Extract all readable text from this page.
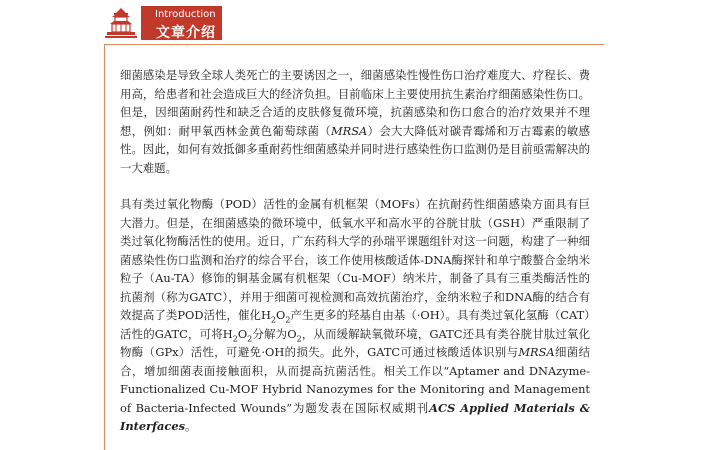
Introduction
文章介绍

细菌感染是导致全球人类死亡的主要诱因之一，细菌感染性慢性伤口治疗难度大、疗程长、费用高，给患者和社会造成巨大的经济负担。目前临床上主要使用抗生素治疗细菌感染性伤口。但是，因细菌耐药性和缺乏合适的皮肤修复微环境，抗菌感染和伤口愈合的治疗效果并不理想，例如：耐甲氧西林金黄色葡萄球菌（MRSA）会大大降低对碳青霉烯和万古霉素的敏感性。因此，如何有效抵御多重耐药性细菌感染并同时进行感染性伤口监测仍是目前亟需解决的一大难题。

具有类过氧化物酶（POD）活性的金属有机框架（MOFs）在抗耐药性细菌感染方面具有巨大潜力。但是，在细菌感染的微环境中，低氧水平和高水平的谷胱甘肽（GSH）严重限制了类过氧化物酶活性的使用。近日，广东药科大学的孙瑞平课题组针对这一问题，构建了一种细菌感染性伤口监测和治疗的综合平台，该工作使用核酸适体-DNA酶探针和单宁酸螯合金纳米粒子（Au-TA）修饰的铜基金属有机框架（Cu-MOF）纳米片，制备了具有三重类酶活性的抗菌剂（称为GATC），并用于细菌可视检测和高效抗菌治疗，金纳米粒子和DNA酶的结合有效提高了类POD活性，催化$H_2O_2$产生更多的羟基自由基（·OH）。具有类过氧化氢酶（CAT）活性的GATC，可将$H_2O_2$分解为$O_2$，从而缓解缺氧微环境，GATC还具有类谷胱甘肽过氧化物酶（GPx）活性，可避免·OH的损失。此外，GATC可通过核酸适体识别与MRSA细菌结合，增加细菌表面接触面积，从而提高抗菌活性。相关工作以“Aptamer and DNAzyme-Functionalized Cu-MOF Hybrid Nanozymes for the Monitoring and Management of Bacteria-Infected Wounds”为题发表在国际权威期刊ACS Applied Materials & Interfaces。
